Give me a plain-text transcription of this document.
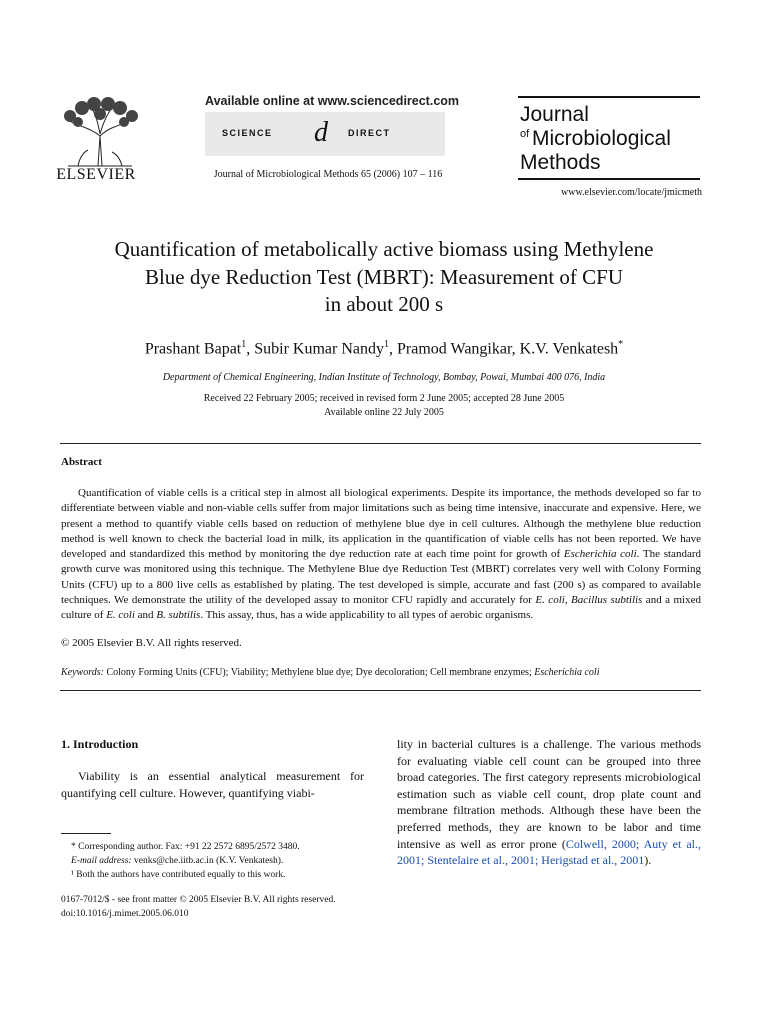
ELSEVIER
Available online at www.sciencedirect.com
SCIENCE d DIRECT
Journal of Microbiological Methods 65 (2006) 107 – 116
Journal
of Microbiological
Methods
www.elsevier.com/locate/jmicmeth
Quantification of metabolically active biomass using Methylene
Blue dye Reduction Test (MBRT): Measurement of CFU
in about 200 s
Prashant Bapat$^1$, Subir Kumar Nandy$^1$, Pramod Wangikar, K.V. Venkatesh*
Department of Chemical Engineering, Indian Institute of Technology, Bombay, Powai, Mumbai 400 076, India
Received 22 February 2005; received in revised form 2 June 2005; accepted 28 June 2005
Available online 22 July 2005
Abstract

Quantification of viable cells is a critical step in almost all biological experiments. Despite its importance, the methods developed so far to differentiate between viable and non-viable cells suffer from major limitations such as being time intensive, inaccurate and expensive. Here, we present a method to quantify viable cells based on reduction of methylene blue dye in cell cultures. Although the methylene blue reduction method is well known to check the bacterial load in milk, its application in the quantification of viable cells has not been reported. We have developed and standardized this method by monitoring the dye reduction rate at each time point for growth of Escherichia coli. The standard growth curve was monitored using this technique. The Methylene Blue dye Reduction Test (MBRT) correlates very well with Colony Forming Units (CFU) up to a 800 live cells as established by plating. The test developed is simple, accurate and fast (200 s) as compared to available techniques. We demonstrate the utility of the developed assay to monitor CFU rapidly and accurately for E. coli, Bacillus subtilis and a mixed culture of E. coli and B. subtilis. This assay, thus, has a wide applicability to all types of aerobic organisms.

© 2005 Elsevier B.V. All rights reserved.
Keywords: Colony Forming Units (CFU); Viability; Methylene blue dye; Dye decoloration; Cell membrane enzymes; Escherichia coli
1. Introduction

Viability is an essential analytical measurement for quantifying cell culture. However, quantifying viabi-

lity in bacterial cultures is a challenge. The various methods for evaluating viable cell count can be grouped into three broad categories. The first category represents microbiological estimation such as viable cell count, drop plate count and membrane filtration methods. Although these have been the preferred methods, they are known to be labor and time intensive as well as error prone (Colwell, 2000; Auty et al., 2001; Stentelaire et al., 2001; Herigstad et al., 2001).

* Corresponding author. Fax: +91 22 2572 6895/2572 3480.

E-mail address: venks@che.iitb.ac.in (K.V. Venkatesh).

¹ Both the authors have contributed equally to this work.

0167-7012/$ - see front matter © 2005 Elsevier B.V. All rights reserved.
doi:10.1016/j.mimet.2005.06.010
